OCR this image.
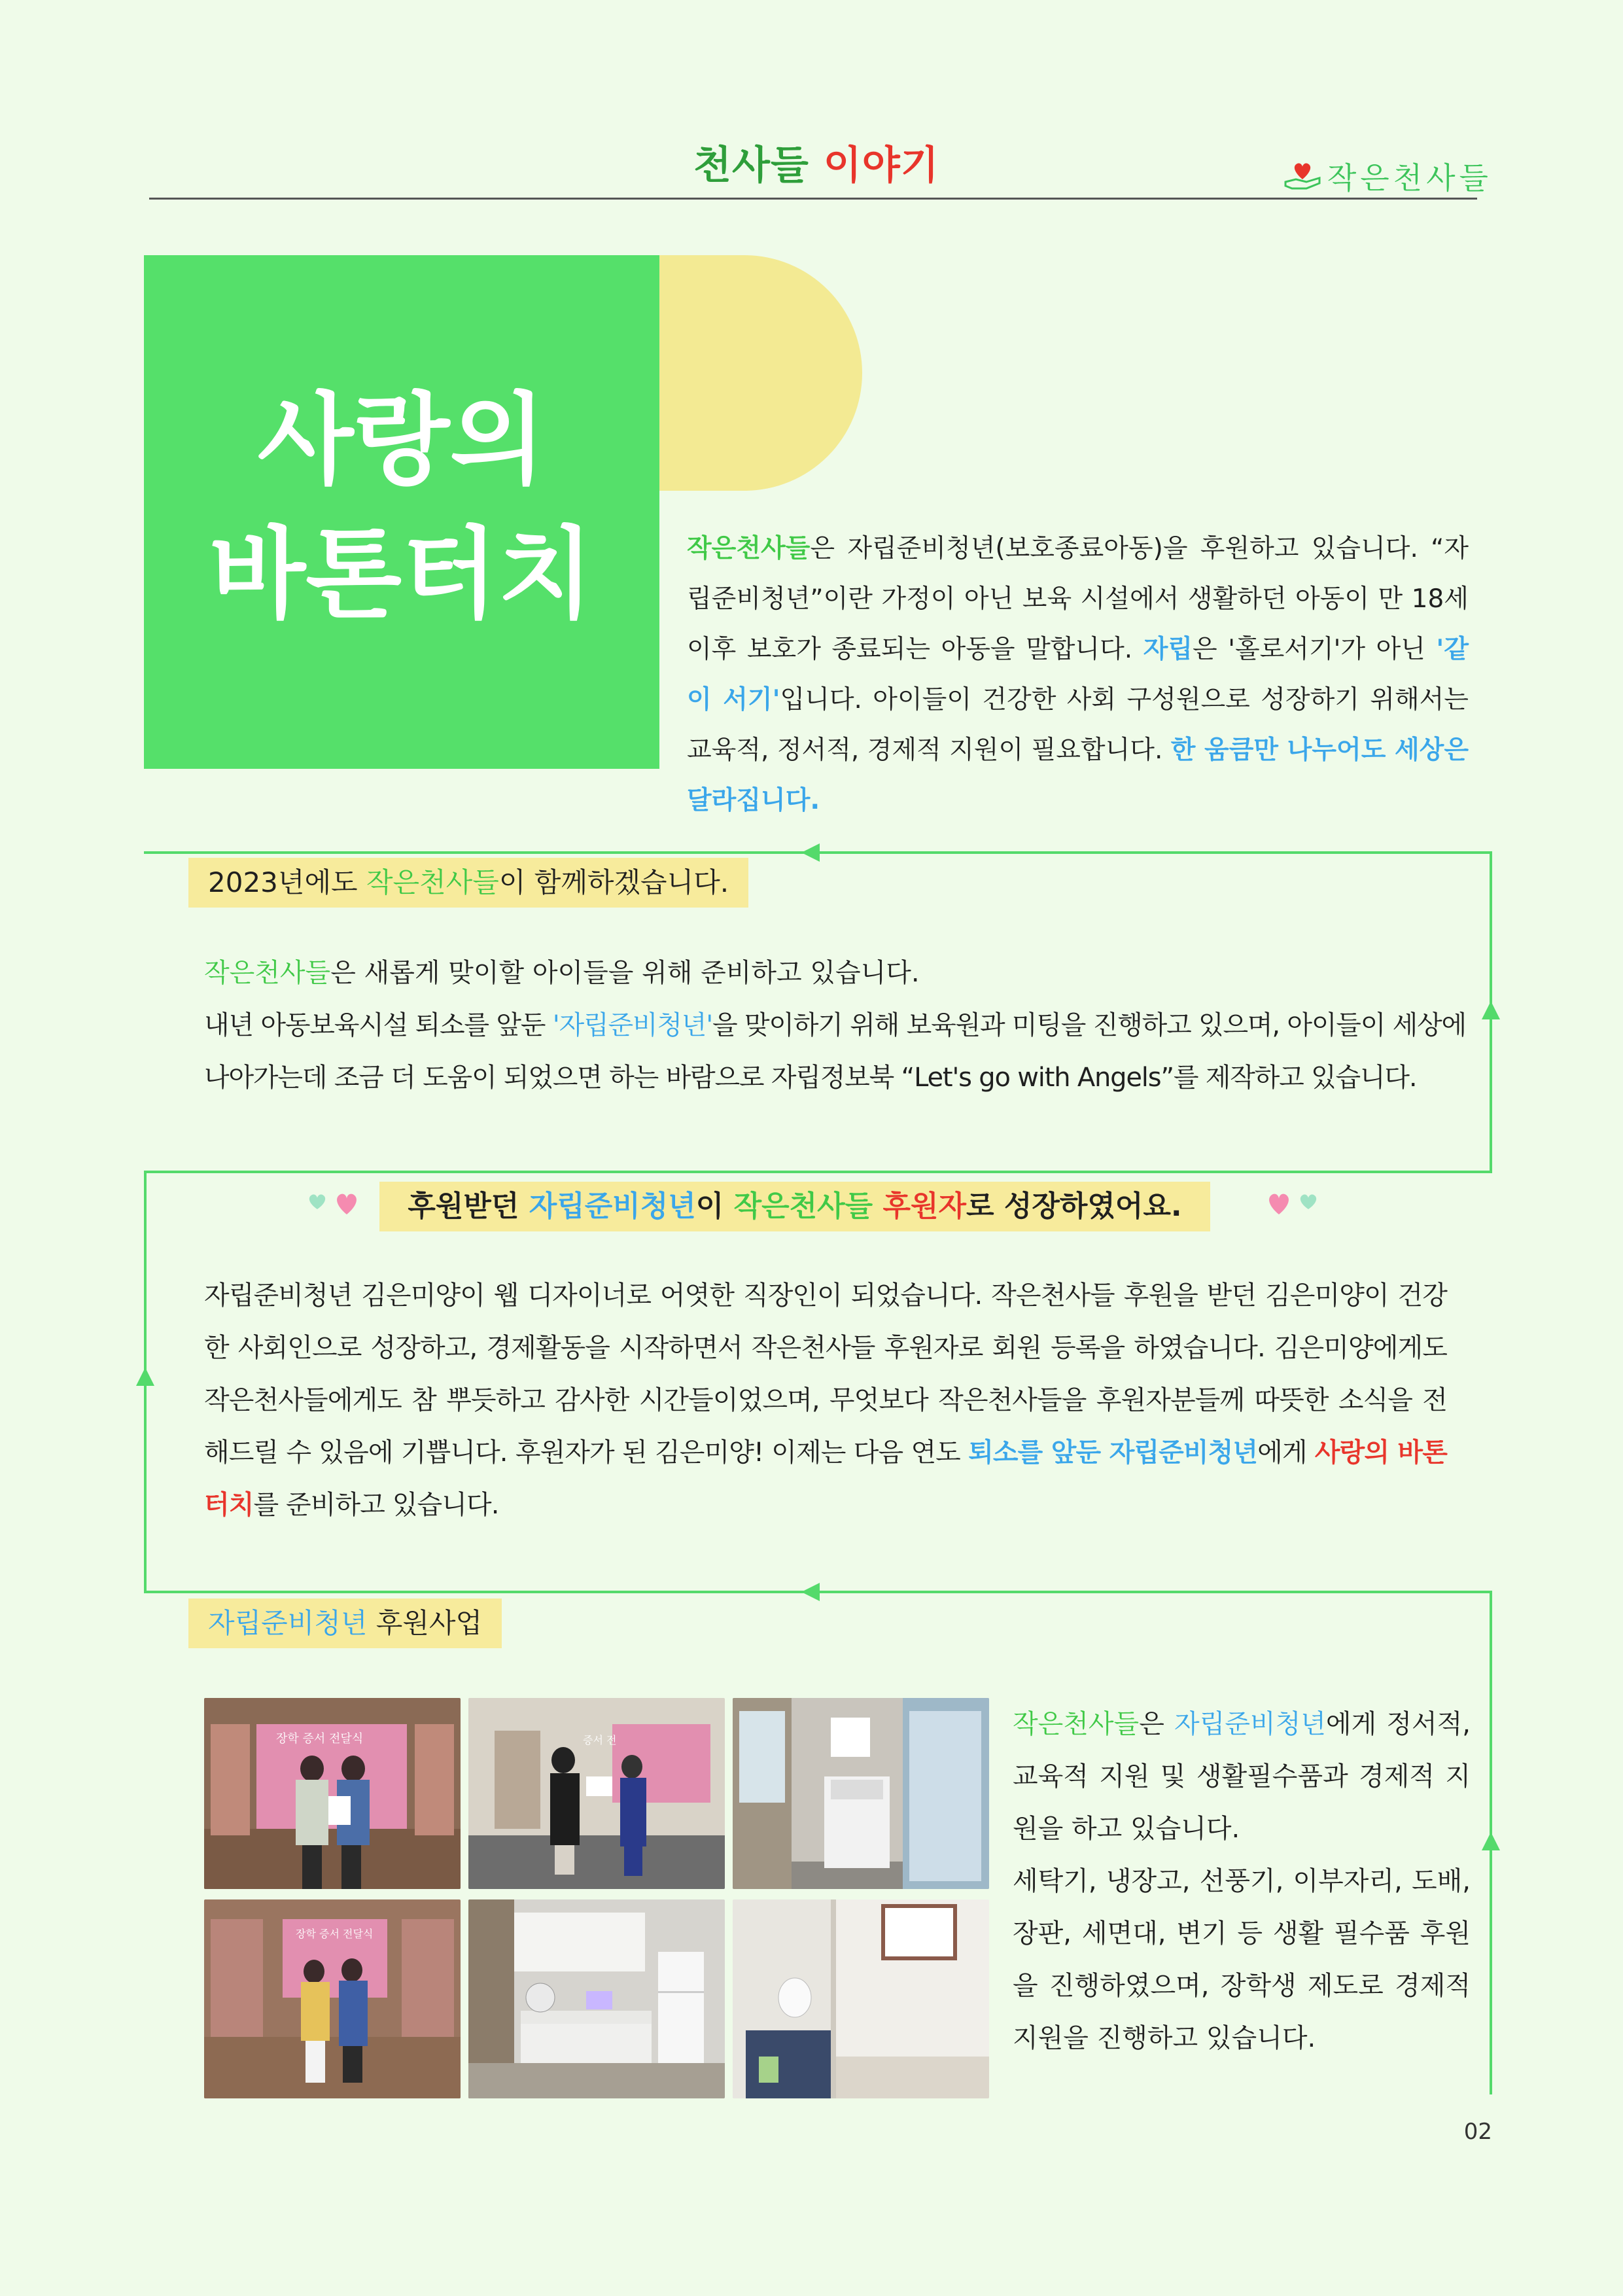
천사들 이야기	작은천사들
사랑의
바톤터치	작은천사들은 자립준비청년(보호종료아동)을 후원하고 있습니다. “자립준비청년”이란 가정이 아닌 보육 시설에서 생활하던 아동이 만 18세 이후 보호가 종료되는 아동을 말합니다. 자립은 '홀로서기'가 아닌 '같이 서기'입니다. 아이들이 건강한 사회 구성원으로 성장하기 위해서는 교육적, 정서적, 경제적 지원이 필요합니다. 한 움큼만 나누어도 세상은 달라집니다.
2023년에도 작은천사들이 함께하겠습니다.
작은천사들은 새롭게 맞이할 아이들을 위해 준비하고 있습니다.
내년 아동보육시설 퇴소를 앞둔 '자립준비청년'을 맞이하기 위해 보육원과 미팅을 진행하고 있으며, 아이들이 세상에 나아가는데 조금 더 도움이 되었으면 하는 바람으로 자립정보북 “Let's go with Angels”를 제작하고 있습니다.
후원받던 자립준비청년이 작은천사들 후원자로 성장하였어요.
자립준비청년 김은미양이 웹 디자이너로 어엿한 직장인이 되었습니다. 작은천사들 후원을 받던 김은미양이 건강한 사회인으로 성장하고, 경제활동을 시작하면서 작은천사들 후원자로 회원 등록을 하였습니다. 김은미양에게도 작은천사들에게도 참 뿌듯하고 감사한 시간들이었으며, 무엇보다 작은천사들을 후원자분들께 따뜻한 소식을 전해드릴 수 있음에 기쁩니다. 후원자가 된 김은미양! 이제는 다음 연도 퇴소를 앞둔 자립준비청년에게 사랑의 바톤터치를 준비하고 있습니다.
자립준비청년 후원사업
장학 증서 전달식	증서 전
장학 증서 전달식
작은천사들은 자립준비청년에게 정서적, 교육적 지원 및 생활필수품과 경제적 지원을 하고 있습니다.
세탁기, 냉장고, 선풍기, 이부자리, 도배, 장판, 세면대, 변기 등 생활 필수품 후원을 진행하였으며, 장학생 제도로 경제적 지원을 진행하고 있습니다.
02
